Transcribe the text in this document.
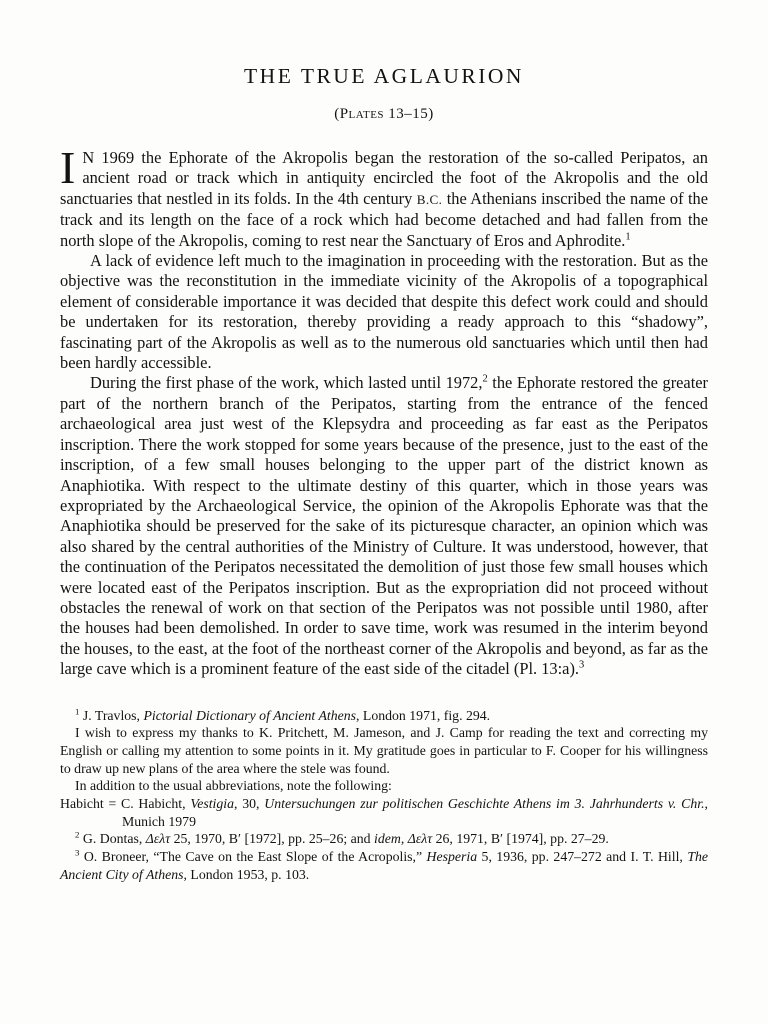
THE TRUE AGLAURION
(Plates 13–15)

I N 1969 the Ephorate of the Akropolis began the restoration of the so-called Peripatos, an ancient road or track which in antiquity encircled the foot of the Akropolis and the old sanctuaries that nestled in its folds. In the 4th century B.C. the Athenians inscribed the name of the track and its length on the face of a rock which had become detached and had fallen from the north slope of the Akropolis, coming to rest near the Sanctuary of Eros and Aphrodite.$^1$

A lack of evidence left much to the imagination in proceeding with the restoration. But as the objective was the reconstitution in the immediate vicinity of the Akropolis of a topographical element of considerable importance it was decided that despite this defect work could and should be undertaken for its restoration, thereby providing a ready approach to this “shadowy”, fascinating part of the Akropolis as well as to the numerous old sanctuaries which until then had been hardly accessible.

During the first phase of the work, which lasted until 1972,$^2$ the Ephorate restored the greater part of the northern branch of the Peripatos, starting from the entrance of the fenced archaeological area just west of the Klepsydra and proceeding as far east as the Peripatos inscription. There the work stopped for some years because of the presence, just to the east of the inscription, of a few small houses belonging to the upper part of the district known as Anaphiotika. With respect to the ultimate destiny of this quarter, which in those years was expropriated by the Archaeological Service, the opinion of the Akropolis Ephorate was that the Anaphiotika should be preserved for the sake of its picturesque character, an opinion which was also shared by the central authorities of the Ministry of Culture. It was understood, however, that the continuation of the Peripatos necessitated the demolition of just those few small houses which were located east of the Peripatos inscription. But as the expropriation did not proceed without obstacles the renewal of work on that section of the Peripatos was not possible until 1980, after the houses had been demolished. In order to save time, work was resumed in the interim beyond the houses, to the east, at the foot of the northeast corner of the Akropolis and beyond, as far as the large cave which is a prominent feature of the east side of the citadel (Pl. 13:a).$^3$

$^1$ J. Travlos, Pictorial Dictionary of Ancient Athens, London 1971, fig. 294.

I wish to express my thanks to K. Pritchett, M. Jameson, and J. Camp for reading the text and correcting my English or calling my attention to some points in it. My gratitude goes in particular to F. Cooper for his willingness to draw up new plans of the area where the stele was found.

In addition to the usual abbreviations, note the following:

Habicht = C. Habicht, Vestigia, 30, Untersuchungen zur politischen Geschichte Athens im 3. Jahrhunderts v. Chr., Munich 1979

$^2$ G. Dontas, Δελτ 25, 1970, B′ [1972], pp. 25–26; and idem, Δελτ 26, 1971, B′ [1974], pp. 27–29.

$^3$ O. Broneer, “The Cave on the East Slope of the Acropolis,” Hesperia 5, 1936, pp. 247–272 and I. T. Hill, The Ancient City of Athens, London 1953, p. 103.
